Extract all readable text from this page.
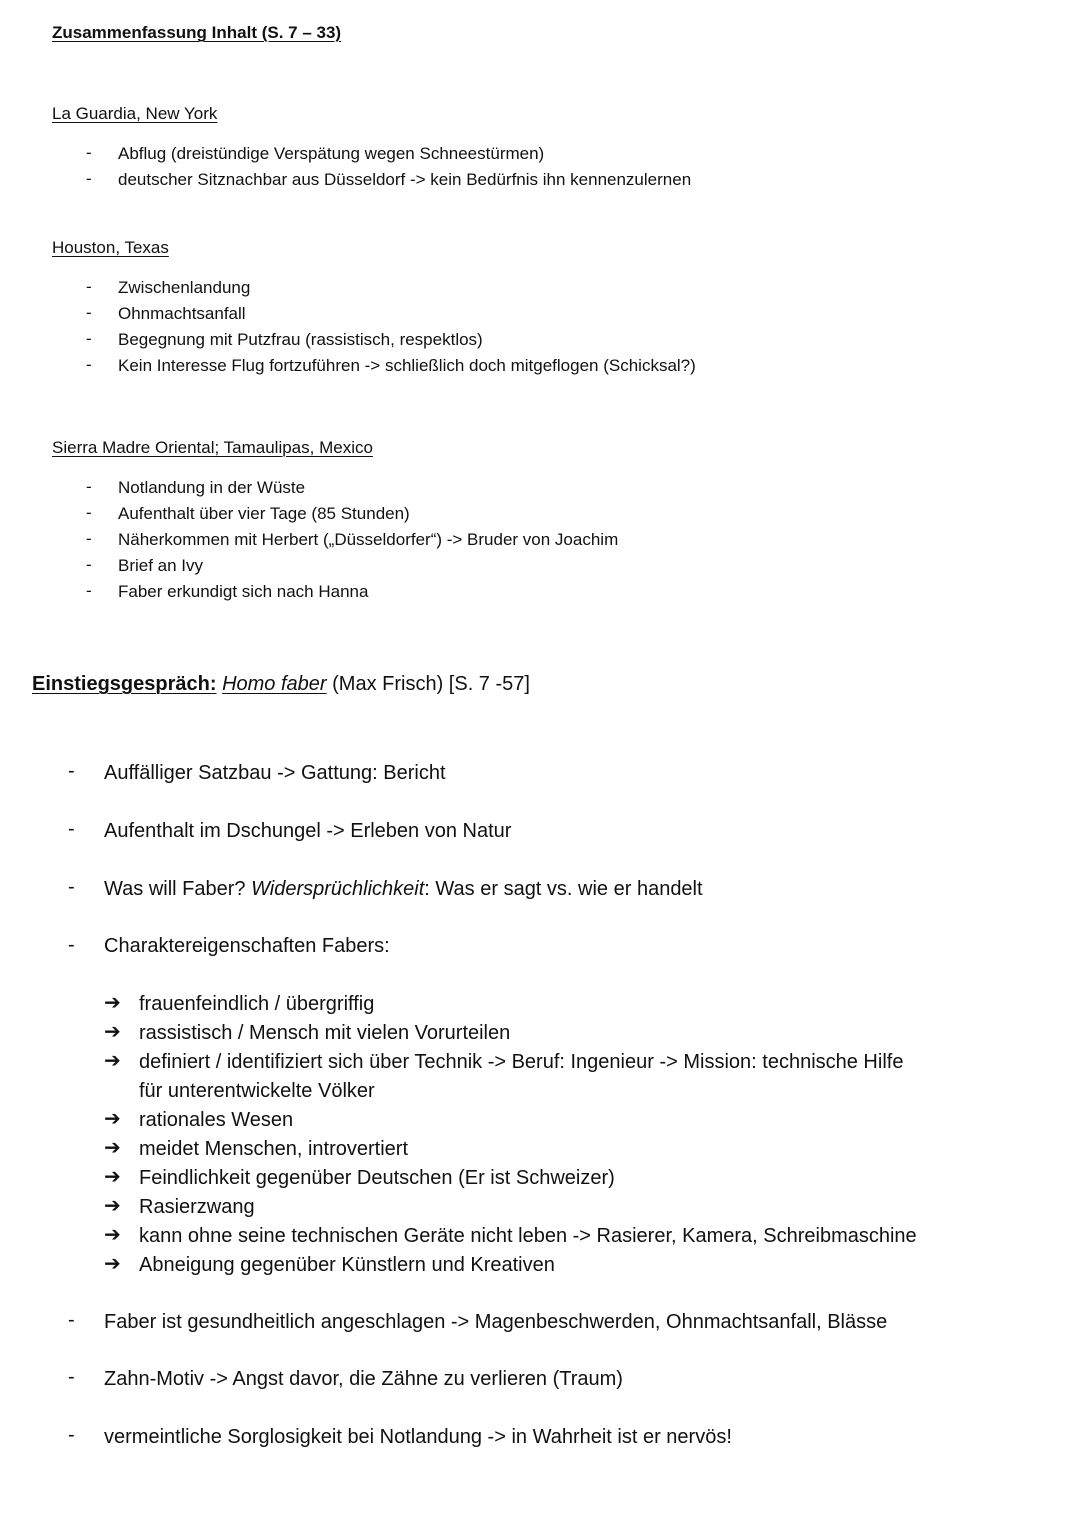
Zusammenfassung Inhalt (S. 7 – 33)
La Guardia, New York
- Abflug (dreistündige Verspätung wegen Schneestürmen)
- deutscher Sitznachbar aus Düsseldorf -> kein Bedürfnis ihn kennenzulernen
Houston, Texas
- Zwischenlandung
- Ohnmachtsanfall
- Begegnung mit Putzfrau (rassistisch, respektlos)
- Kein Interesse Flug fortzuführen -> schließlich doch mitgeflogen (Schicksal?)
Sierra Madre Oriental; Tamaulipas, Mexico
- Notlandung in der Wüste
- Aufenthalt über vier Tage (85 Stunden)
- Näherkommen mit Herbert („Düsseldorfer“) -> Bruder von Joachim
- Brief an Ivy
- Faber erkundigt sich nach Hanna
Einstiegsgespräch: Homo faber (Max Frisch) [S. 7 -57]
- Auffälliger Satzbau -> Gattung: Bericht
- Aufenthalt im Dschungel -> Erleben von Natur
- Was will Faber? Widersprüchlichkeit: Was er sagt vs. wie er handelt
- Charaktereigenschaften Fabers:
➔ frauenfeindlich / übergriffig
➔ rassistisch / Mensch mit vielen Vorurteilen
➔ definiert / identifiziert sich über Technik -> Beruf: Ingenieur -> Mission: technische Hilfe
für unterentwickelte Völker
➔ rationales Wesen
➔ meidet Menschen, introvertiert
➔ Feindlichkeit gegenüber Deutschen (Er ist Schweizer)
➔ Rasierzwang
➔ kann ohne seine technischen Geräte nicht leben -> Rasierer, Kamera, Schreibmaschine
➔ Abneigung gegenüber Künstlern und Kreativen
- Faber ist gesundheitlich angeschlagen -> Magenbeschwerden, Ohnmachtsanfall, Blässe
- Zahn-Motiv -> Angst davor, die Zähne zu verlieren (Traum)
- vermeintliche Sorglosigkeit bei Notlandung -> in Wahrheit ist er nervös!
